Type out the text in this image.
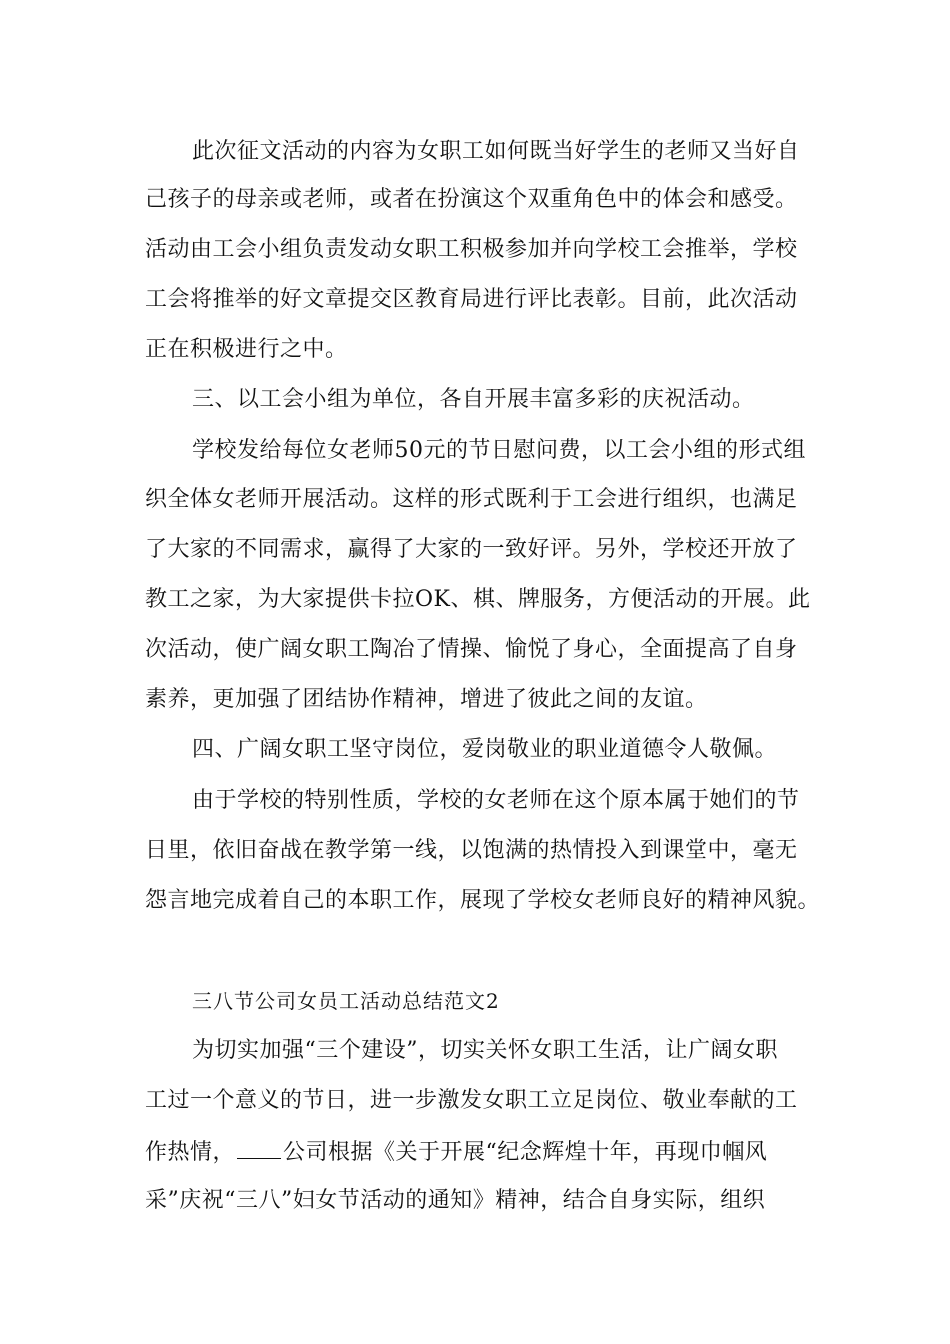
此次征文活动的内容为女职工如何既当好学生的老师又当好自
己孩子的母亲或老师，或者在扮演这个双重角色中的体会和感受。
活动由工会小组负责发动女职工积极参加并向学校工会推举，学校
工会将推举的好文章提交区教育局进行评比表彰。目前，此次活动
正在积极进行之中。
三、以工会小组为单位，各自开展丰富多彩的庆祝活动。
学校发给每位女老师50元的节日慰问费，以工会小组的形式组
织全体女老师开展活动。这样的形式既利于工会进行组织，也满足
了大家的不同需求，赢得了大家的一致好评。另外，学校还开放了
教工之家，为大家提供卡拉OK、棋、牌服务，方便活动的开展。此
次活动，使广阔女职工陶冶了情操、愉悦了身心，全面提高了自身
素养，更加强了团结协作精神，增进了彼此之间的友谊。
四、广阔女职工坚守岗位，爱岗敬业的职业道德令人敬佩。
由于学校的特别性质，学校的女老师在这个原本属于她们的节
日里，依旧奋战在教学第一线，以饱满的热情投入到课堂中，毫无
怨言地完成着自己的本职工作，展现了学校女老师良好的精神风貌。
三八节公司女员工活动总结范文2
为切实加强“三个建设”，切实关怀女职工生活，让广阔女职
工过一个意义的节日，进一步激发女职工立足岗位、敬业奉献的工
作热情， 公司根据《关于开展“纪念辉煌十年，再现巾帼风
采”庆祝“三八”妇女节活动的通知》精神，结合自身实际，组织
